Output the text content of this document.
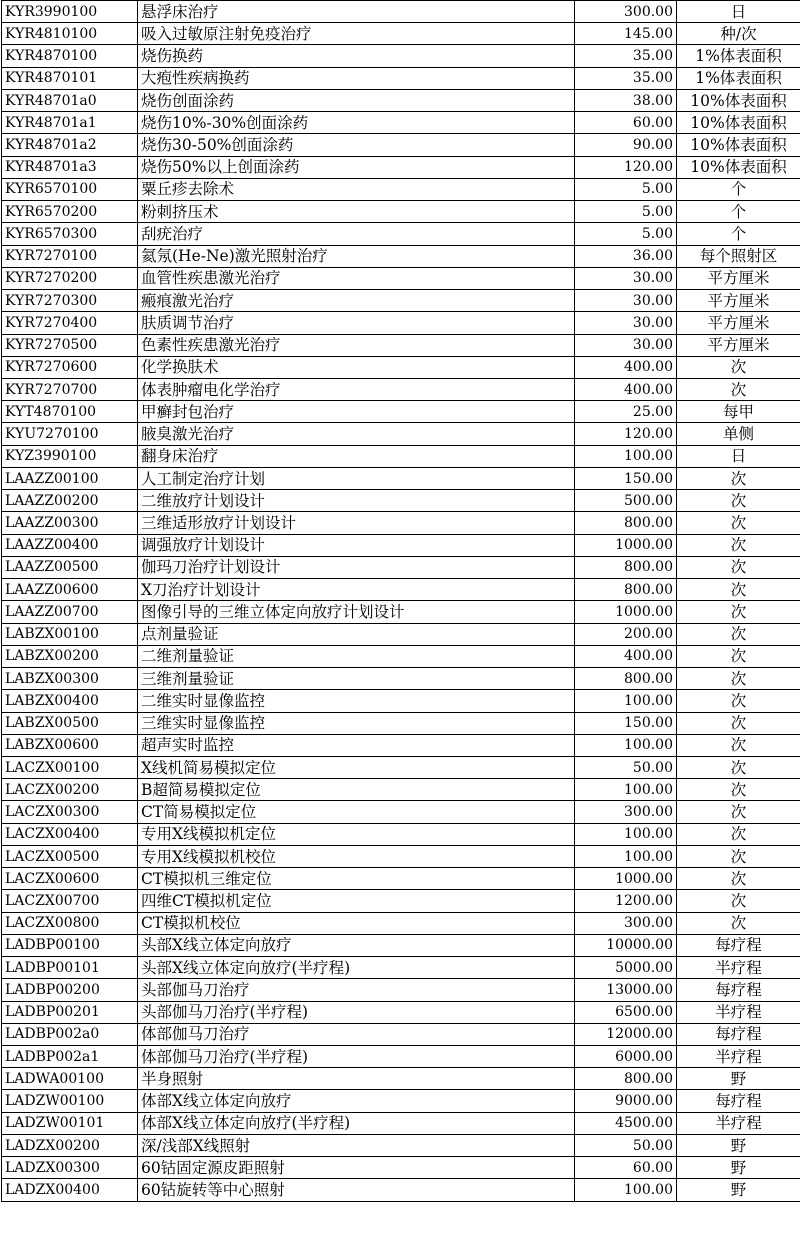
KYR3990100	悬浮床治疗	300.00	日
KYR4810100	吸入过敏原注射免疫治疗	145.00	种/次
KYR4870100	烧伤换药	35.00	1%体表面积
KYR4870101	大疱性疾病换药	35.00	1%体表面积
KYR48701a0	烧伤创面涂药	38.00	10%体表面积
KYR48701a1	烧伤10%-30%创面涂药	60.00	10%体表面积
KYR48701a2	烧伤30-50%创面涂药	90.00	10%体表面积
KYR48701a3	烧伤50%以上创面涂药	120.00	10%体表面积
KYR6570100	粟丘疹去除术	5.00	个
KYR6570200	粉刺挤压术	5.00	个
KYR6570300	刮疣治疗	5.00	个
KYR7270100	氦氖(He-Ne)激光照射治疗	36.00	每个照射区
KYR7270200	血管性疾患激光治疗	30.00	平方厘米
KYR7270300	瘢痕激光治疗	30.00	平方厘米
KYR7270400	肤质调节治疗	30.00	平方厘米
KYR7270500	色素性疾患激光治疗	30.00	平方厘米
KYR7270600	化学换肤术	400.00	次
KYR7270700	体表肿瘤电化学治疗	400.00	次
KYT4870100	甲癣封包治疗	25.00	每甲
KYU7270100	腋臭激光治疗	120.00	单侧
KYZ3990100	翻身床治疗	100.00	日
LAAZZ00100	人工制定治疗计划	150.00	次
LAAZZ00200	二维放疗计划设计	500.00	次
LAAZZ00300	三维适形放疗计划设计	800.00	次
LAAZZ00400	调强放疗计划设计	1000.00	次
LAAZZ00500	伽玛刀治疗计划设计	800.00	次
LAAZZ00600	X刀治疗计划设计	800.00	次
LAAZZ00700	图像引导的三维立体定向放疗计划设计	1000.00	次
LABZX00100	点剂量验证	200.00	次
LABZX00200	二维剂量验证	400.00	次
LABZX00300	三维剂量验证	800.00	次
LABZX00400	二维实时显像监控	100.00	次
LABZX00500	三维实时显像监控	150.00	次
LABZX00600	超声实时监控	100.00	次
LACZX00100	X线机简易模拟定位	50.00	次
LACZX00200	B超简易模拟定位	100.00	次
LACZX00300	CT简易模拟定位	300.00	次
LACZX00400	专用X线模拟机定位	100.00	次
LACZX00500	专用X线模拟机校位	100.00	次
LACZX00600	CT模拟机三维定位	1000.00	次
LACZX00700	四维CT模拟机定位	1200.00	次
LACZX00800	CT模拟机校位	300.00	次
LADBP00100	头部X线立体定向放疗	10000.00	每疗程
LADBP00101	头部X线立体定向放疗(半疗程)	5000.00	半疗程
LADBP00200	头部伽马刀治疗	13000.00	每疗程
LADBP00201	头部伽马刀治疗(半疗程)	6500.00	半疗程
LADBP002a0	体部伽马刀治疗	12000.00	每疗程
LADBP002a1	体部伽马刀治疗(半疗程)	6000.00	半疗程
LADWA00100	半身照射	800.00	野
LADZW00100	体部X线立体定向放疗	9000.00	每疗程
LADZW00101	体部X线立体定向放疗(半疗程)	4500.00	半疗程
LADZX00200	深/浅部X线照射	50.00	野
LADZX00300	60钴固定源皮距照射	60.00	野
LADZX00400	60钴旋转等中心照射	100.00	野
